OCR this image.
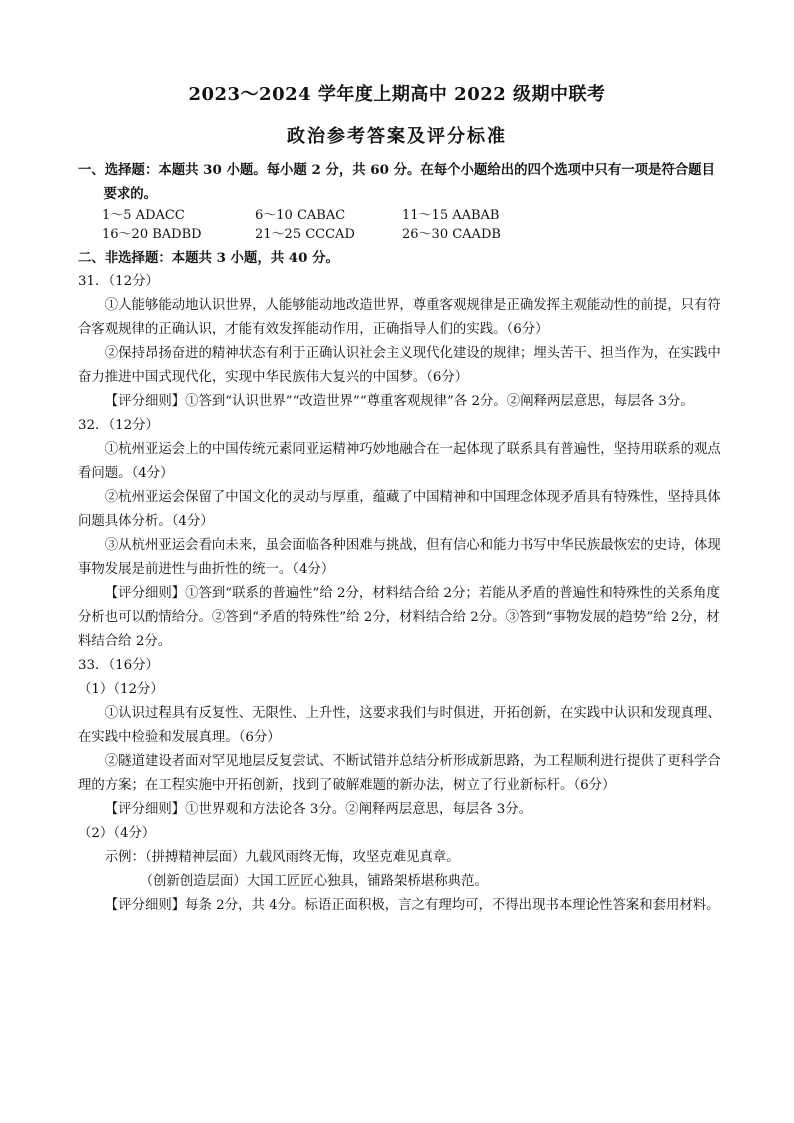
2023～2024 学年度上期高中 2022 级期中联考
政治参考答案及评分标准

一、选择题：本题共 30 小题。每小题 2 分，共 60 分。在每个小题给出的四个选项中只有一项是符合题目要求的。

1～5 ADACC	6～10 CABAC	11～15 AABAB
16～20 BADBD	21～25 CCCAD	26～30 CAADB

二、非选择题：本题共 3 小题，共 40 分。

31．（12分）

①人能够能动地认识世界，人能够能动地改造世界，尊重客观规律是正确发挥主观能动性的前提，只有符合客观规律的正确认识，才能有效发挥能动作用，正确指导人们的实践。（6分）

②保持昂扬奋进的精神状态有利于正确认识社会主义现代化建设的规律；埋头苦干、担当作为，在实践中奋力推进中国式现代化，实现中华民族伟大复兴的中国梦。（6分）

【评分细则】①答到“认识世界”“改造世界”“尊重客观规律”各 2分。②阐释两层意思，每层各 3分。

32．（12分）

①杭州亚运会上的中国传统元素同亚运精神巧妙地融合在一起体现了联系具有普遍性，坚持用联系的观点看问题。（4分）

②杭州亚运会保留了中国文化的灵动与厚重，蕴藏了中国精神和中国理念体现矛盾具有特殊性，坚持具体问题具体分析。（4分）

③从杭州亚运会看向未来，虽会面临各种困难与挑战，但有信心和能力书写中华民族最恢宏的史诗，体现事物发展是前进性与曲折性的统一。（4分）

【评分细则】①答到“联系的普遍性”给 2分，材料结合给 2分；若能从矛盾的普遍性和特殊性的关系角度分析也可以酌情给分。②答到“矛盾的特殊性”给 2分，材料结合给 2分。③答到“事物发展的趋势”给 2分，材料结合给 2分。

33．（16分）

（1）（12分）

①认识过程具有反复性、无限性、上升性，这要求我们与时俱进，开拓创新，在实践中认识和发现真理、在实践中检验和发展真理。（6分）

②隧道建设者面对罕见地层反复尝试、不断试错并总结分析形成新思路，为工程顺利进行提供了更科学合理的方案；在工程实施中开拓创新，找到了破解难题的新办法，树立了行业新标杆。（6分）

【评分细则】①世界观和方法论各 3分。②阐释两层意思，每层各 3分。

（2）（4分）

示例：（拼搏精神层面）九载风雨终无悔，攻坚克难见真章。

（创新创造层面）大国工匠匠心独具，铺路架桥堪称典范。

【评分细则】每条 2分，共 4分。标语正面积极，言之有理均可，不得出现书本理论性答案和套用材料。
